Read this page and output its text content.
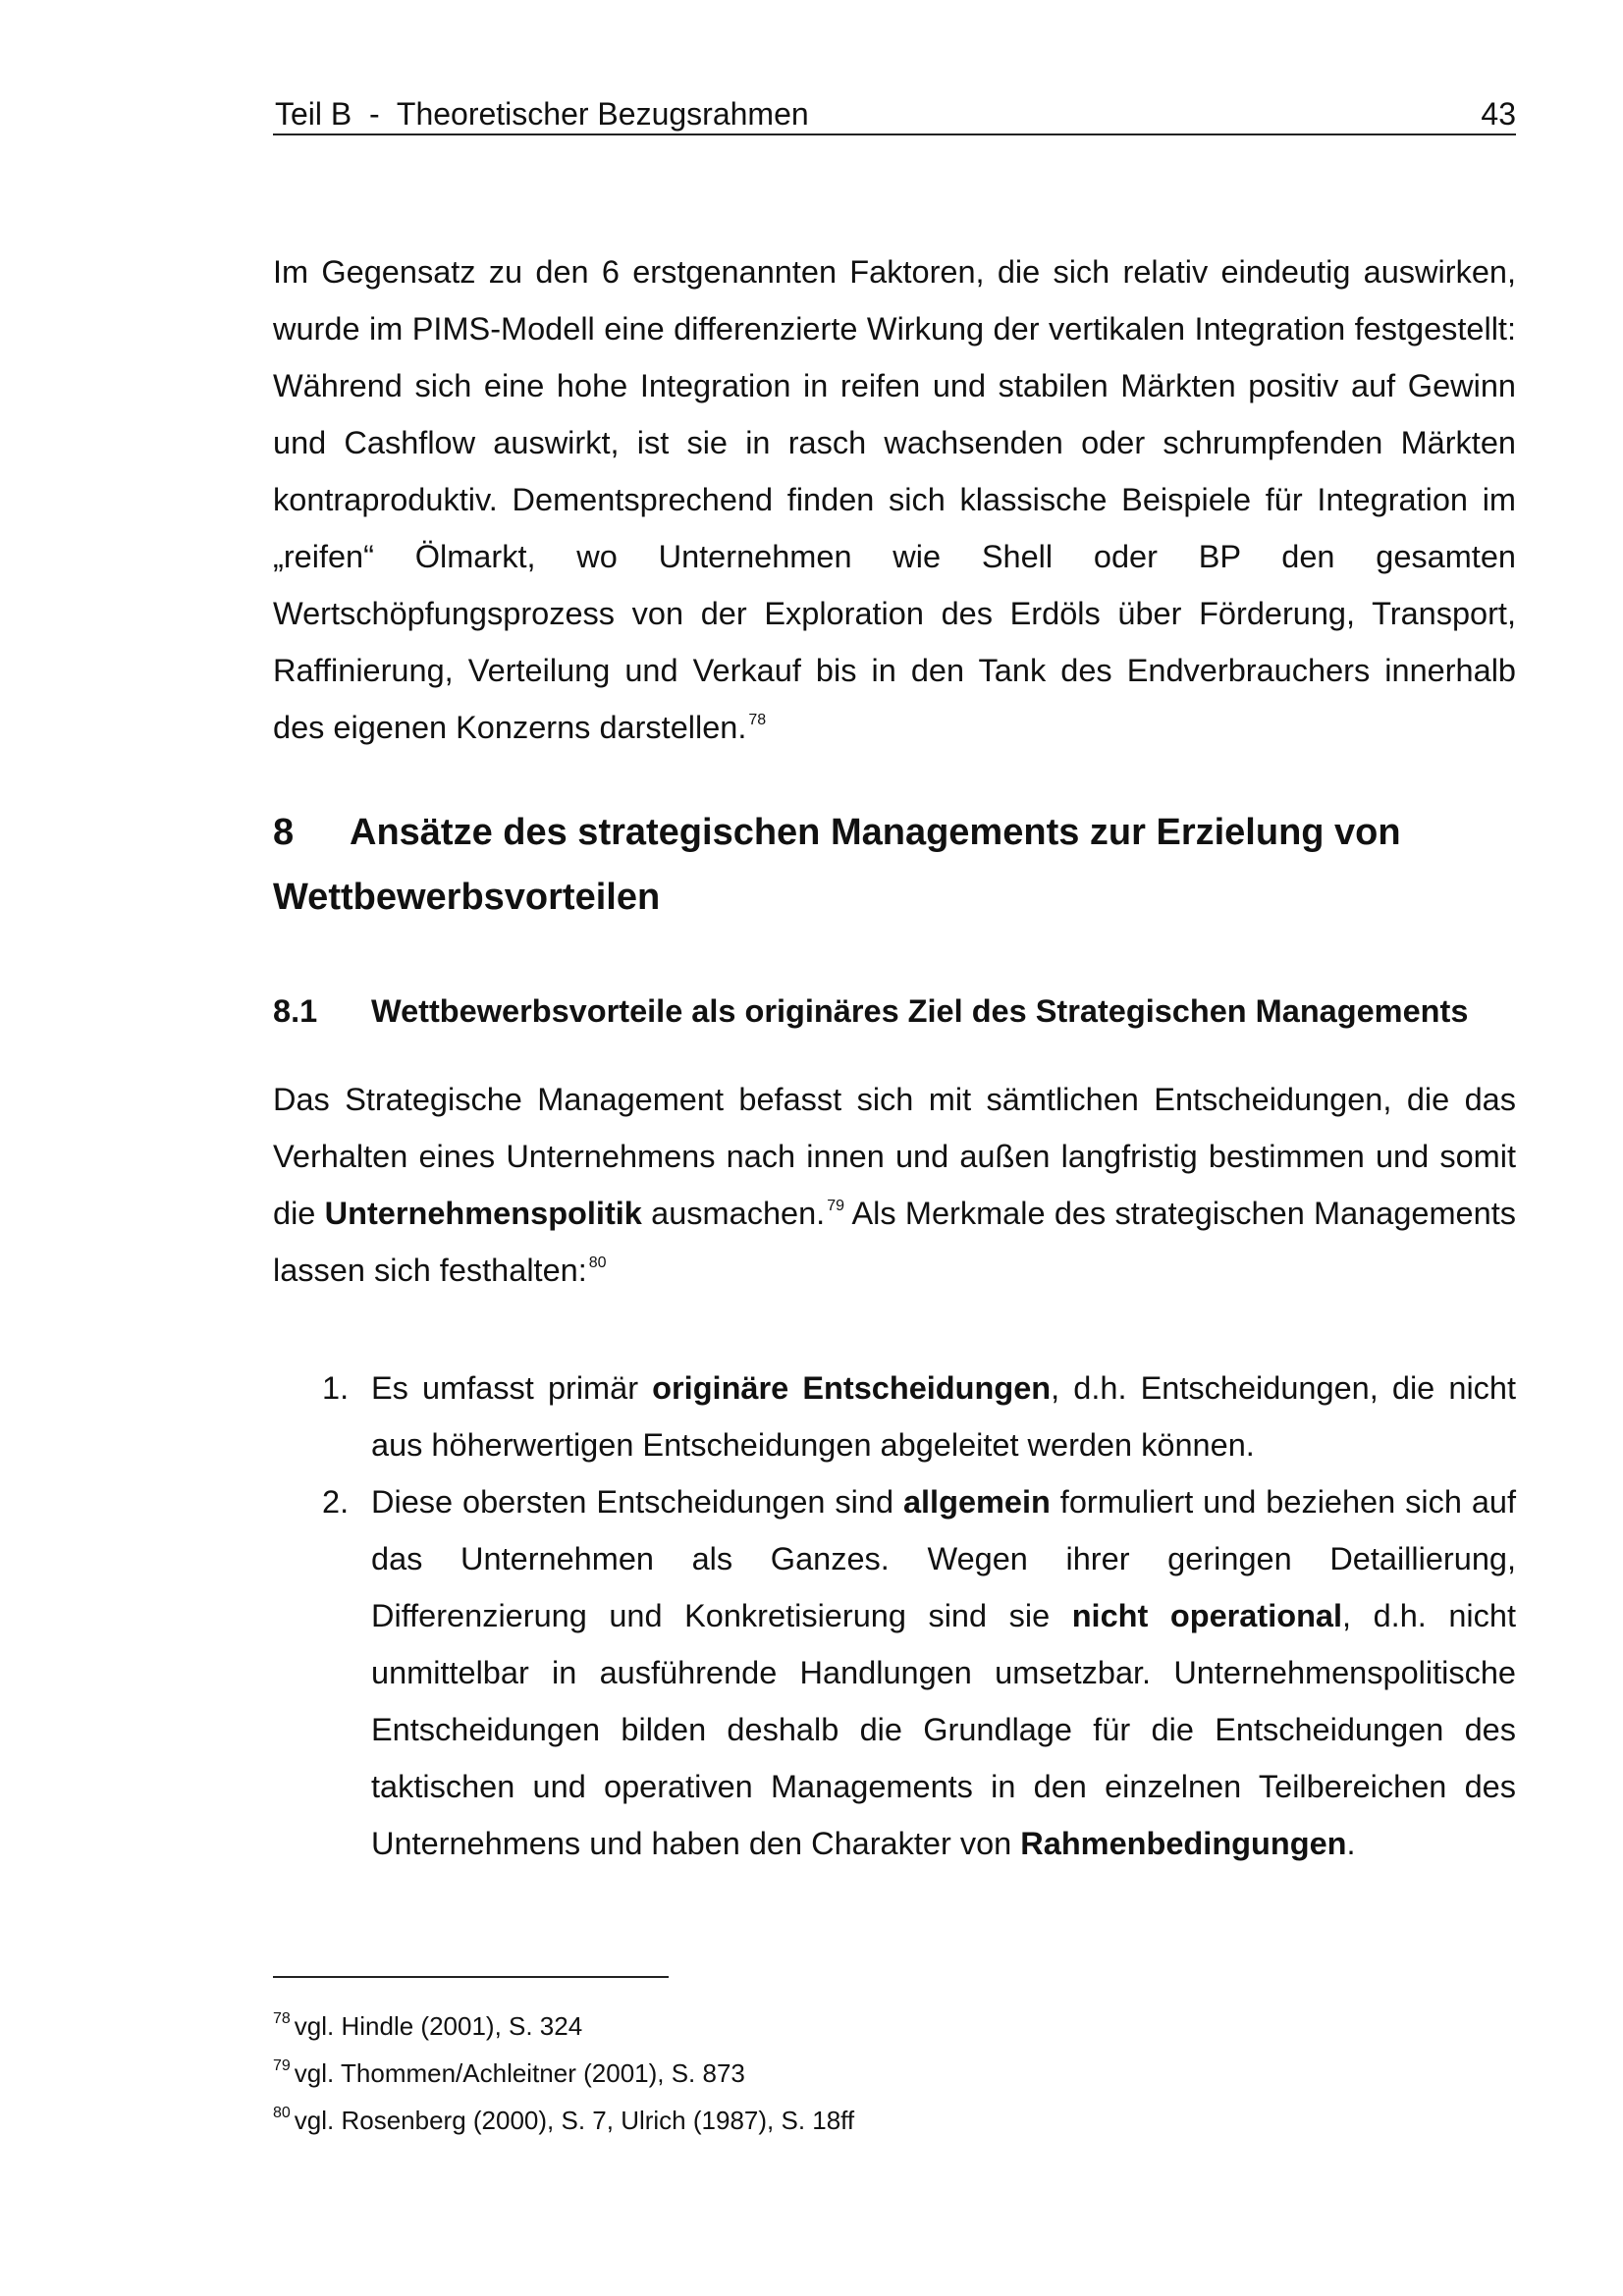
Teil B  -  Theoretischer Bezugsrahmen	43

Im Gegensatz zu den 6 erstgenannten Faktoren, die sich relativ eindeutig auswirken, wurde im PIMS-Modell eine differenzierte Wirkung der vertikalen Integration festgestellt: Während sich eine hohe Integration in reifen und stabilen Märkten positiv auf Gewinn und Cashflow auswirkt, ist sie in rasch wachsenden oder schrumpfenden Märkten kontraproduktiv. Dementsprechend finden sich klassische Beispiele für Integration im „reifen“ Ölmarkt, wo Unternehmen wie Shell oder BP den gesamten Wertschöpfungsprozess von der Exploration des Erdöls über Förderung, Transport, Raffinierung, Verteilung und Verkauf bis in den Tank des Endverbrauchers innerhalb des eigenen Konzerns darstellen. $^{78}$

8 Ansätze des strategischen Managements zur Erzielung von Wettbewerbsvorteilen
8.1 Wettbewerbsvorteile als originäres Ziel des Strategischen Managements

Das Strategische Management befasst sich mit sämtlichen Entscheidungen, die das Verhalten eines Unternehmens nach innen und außen langfristig bestimmen und somit die Unternehmenspolitik ausmachen. $^{79}$ Als Merkmale des strategischen Managements lassen sich festhalten: $^{80}$

1. Es umfasst primär originäre Entscheidungen, d.h. Entscheidungen, die nicht aus höherwertigen Entscheidungen abgeleitet werden können.
2. Diese obersten Entscheidungen sind allgemein formuliert und beziehen sich auf das Unternehmen als Ganzes. Wegen ihrer geringen Detaillierung, Differenzierung und Konkretisierung sind sie nicht operational, d.h. nicht unmittelbar in ausführende Handlungen umsetzbar. Unternehmenspolitische Entscheidungen bilden deshalb die Grundlage für die Entscheidungen des taktischen und operativen Managements in den einzelnen Teilbereichen des Unternehmens und haben den Charakter von Rahmenbedingungen.
$^{78}$ vgl. Hindle (2001), S. 324
$^{79}$ vgl. Thommen/Achleitner (2001), S. 873
$^{80}$ vgl. Rosenberg (2000), S. 7, Ulrich (1987), S. 18ff
